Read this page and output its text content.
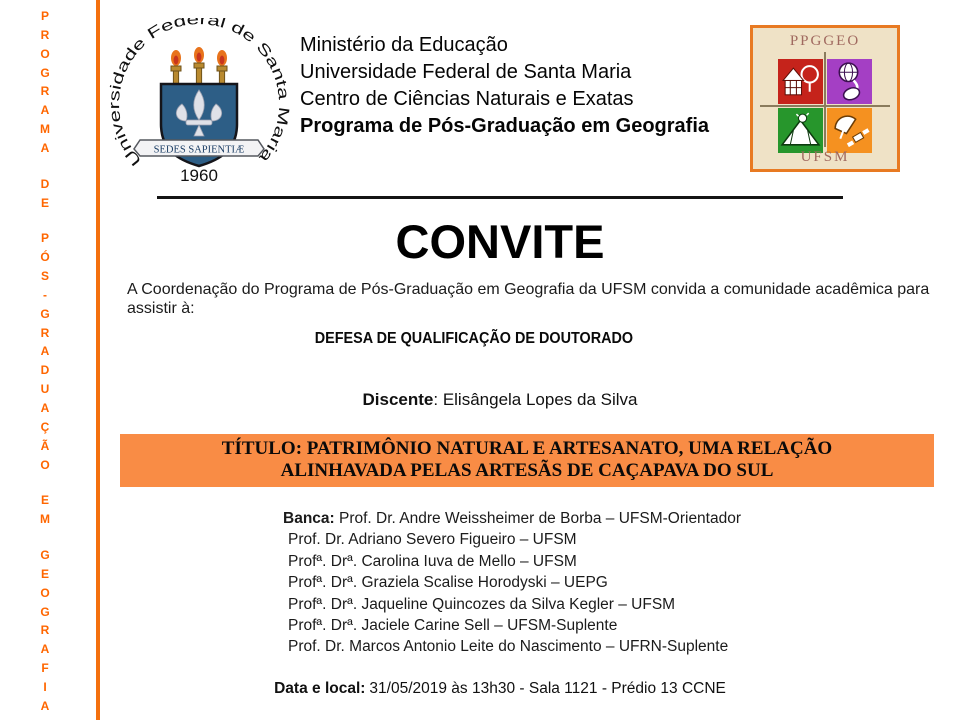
P
R
O
G
R
A
M
A
D
E
P
Ó
S
-
G
R
A
D
U
A
Ç
Ã
O
E
M
G
E
O
G
R
A
F
I
A
Universidade Federal de Santa Maria
SEDES SAPIENTIÆ
1960
Ministério da Educação
Universidade Federal de Santa Maria
Centro de Ciências Naturais e Exatas
Programa de Pós-Graduação em Geografia
PPGGEO
UFSM
CONVITE
A Coordenação do Programa de Pós-Graduação em Geografia da UFSM convida a comunidade acadêmica para assistir à:
DEFESA DE QUALIFICAÇÃO DE DOUTORADO
Discente: Elisângela Lopes da Silva
TÍTULO: PATRIMÔNIO NATURAL E ARTESANATO, UMA RELAÇÃO
ALINHAVADA PELAS ARTESÃS DE CAÇAPAVA DO SUL
Banca: Prof. Dr. Andre Weissheimer de Borba – UFSM-Orientador
Prof. Dr. Adriano Severo Figueiro – UFSM
Profª. Drª. Carolina Iuva de Mello – UFSM
Profª. Drª. Graziela Scalise Horodyski – UEPG
Profª. Drª. Jaqueline Quincozes da Silva Kegler – UFSM
Profª. Drª. Jaciele Carine Sell – UFSM-Suplente
Prof. Dr. Marcos Antonio Leite do Nascimento – UFRN-Suplente
Data e local: 31/05/2019 às 13h30 - Sala 1121 - Prédio 13 CCNE
